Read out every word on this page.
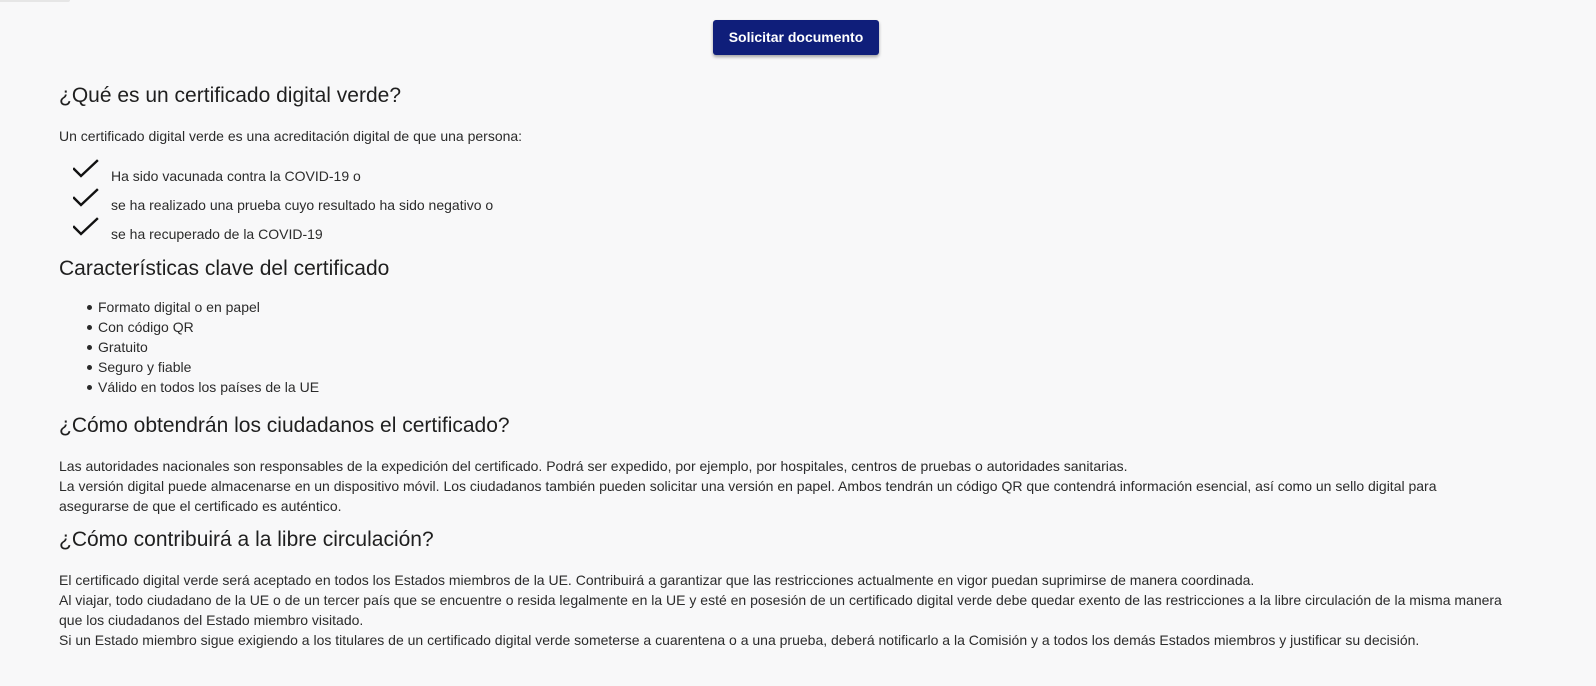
Solicitar documento
¿Qué es un certificado digital verde?

Un certificado digital verde es una acreditación digital de que una persona:

Ha sido vacunada contra la COVID-19 o
se ha realizado una prueba cuyo resultado ha sido negativo o
se ha recuperado de la COVID-19
Características clave del certificado
Formato digital o en papel
Con código QR
Gratuito
Seguro y fiable
Válido en todos los países de la UE
¿Cómo obtendrán los ciudadanos el certificado?

Las autoridades nacionales son responsables de la expedición del certificado. Podrá ser expedido, por ejemplo, por hospitales, centros de pruebas o autoridades sanitarias.

La versión digital puede almacenarse en un dispositivo móvil. Los ciudadanos también pueden solicitar una versión en papel. Ambos tendrán un código QR que contendrá información esencial, así como un sello digital para asegurarse de que el certificado es auténtico.

¿Cómo contribuirá a la libre circulación?

El certificado digital verde será aceptado en todos los Estados miembros de la UE. Contribuirá a garantizar que las restricciones actualmente en vigor puedan suprimirse de manera coordinada.

Al viajar, todo ciudadano de la UE o de un tercer país que se encuentre o resida legalmente en la UE y esté en posesión de un certificado digital verde debe quedar exento de las restricciones a la libre circulación de la misma manera que los ciudadanos del Estado miembro visitado.

Si un Estado miembro sigue exigiendo a los titulares de un certificado digital verde someterse a cuarentena o a una prueba, deberá notificarlo a la Comisión y a todos los demás Estados miembros y justificar su decisión.
